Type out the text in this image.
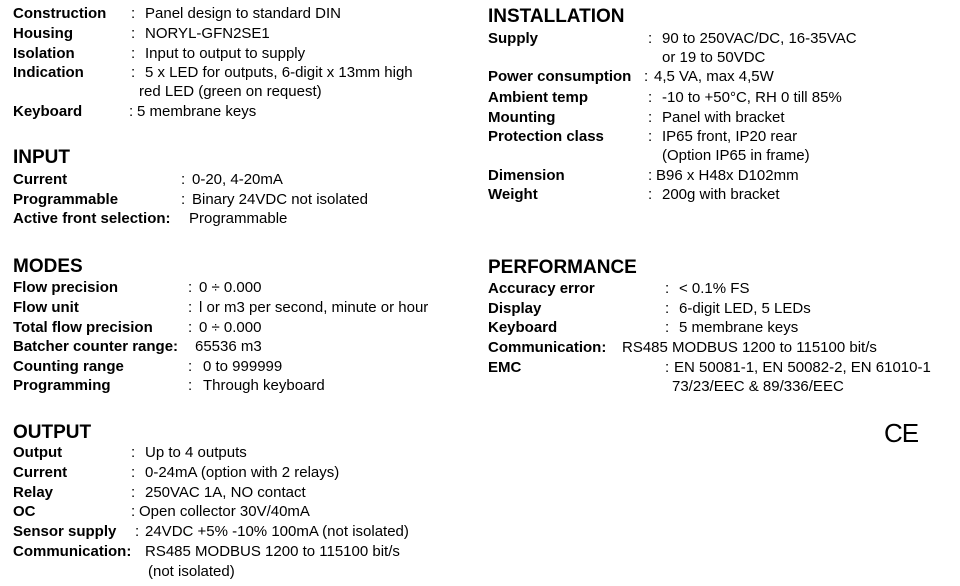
Construction : Panel design to standard DIN
Housing	: NORYL-GFN2SE1
Isolation	: Input to output to supply
Indication	: 5 x LED for outputs, 6-digit x 13mm high
red LED (green on request)
Keyboard	: 5 membrane keys
INPUT
Current	: 0-20, 4-20mA
Programmable	: Binary 24VDC not isolated
Active front selection: Programmable
MODES
Flow precision	: 0 ÷ 0.000
Flow unit	: l or m3 per second, minute or hour
Total flow precision : 0 ÷ 0.000
Batcher counter range: 65536 m3
Counting range	: 0 to 999999
Programming	: Through keyboard
OUTPUT
Output	: Up to 4 outputs
Current	: 0-24mA (option with 2 relays)
Relay	: 250VAC 1A, NO contact
OC	: Open collector 30V/40mA
Sensor supply : 24VDC +5% -10% 100mA (not isolated)
Communication: RS485 MODBUS 1200 to 115100 bit/s
(not isolated)
INSTALLATION
Supply	: 90 to 250VAC/DC, 16-35VAC
or 19 to 50VDC
Power consumption : 4,5 VA, max 4,5W
Ambient temp	: -10 to +50°C, RH 0 till 85%
Mounting	: Panel with bracket
Protection class	: IP65 front, IP20 rear
(Option IP65 in frame)
Dimension	: B96 x H48x D102mm
Weight	: 200g with bracket
PERFORMANCE
Accuracy error	: < 0.1% FS
Display	: 6-digit LED, 5 LEDs
Keyboard	: 5 membrane keys
Communication: RS485 MODBUS 1200 to 115100 bit/s
EMC	: EN 50081-1, EN 50082-2, EN 61010-1
73/23/EEC & 89/336/EEC
CE
